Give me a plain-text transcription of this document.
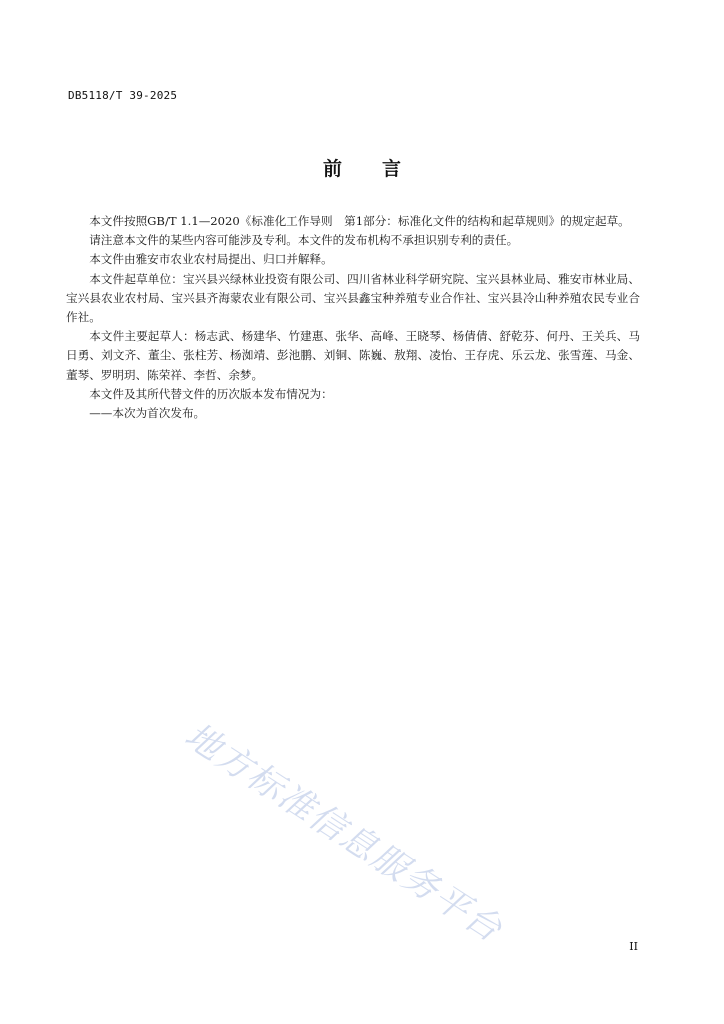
DB5118/T 39-2025
前言

本文件按照GB/T 1.1—2020《标准化工作导则　第1部分：标准化文件的结构和起草规则》的规定起草。

请注意本文件的某些内容可能涉及专利。本文件的发布机构不承担识别专利的责任。

本文件由雅安市农业农村局提出、归口并解释。

本文件起草单位：宝兴县兴绿林业投资有限公司、四川省林业科学研究院、宝兴县林业局、雅安市林业局、宝兴县农业农村局、宝兴县齐海蒙农业有限公司、宝兴县鑫宝种养殖专业合作社、宝兴县冷山种养殖农民专业合作社。

本文件主要起草人：杨志武、杨建华、竹建惠、张华、高峰、王晓琴、杨倩倩、舒乾芬、何丹、王关兵、马日勇、刘文齐、董尘、张柱芳、杨洳靖、彭池鹏、刘铜、陈巍、敖翔、凌怡、王存虎、乐云龙、张雪莲、马金、董琴、罗明玥、陈荣祥、李哲、余梦。

本文件及其所代替文件的历次版本发布情况为：

——本次为首次发布。

地方标准信息服务平台	II
